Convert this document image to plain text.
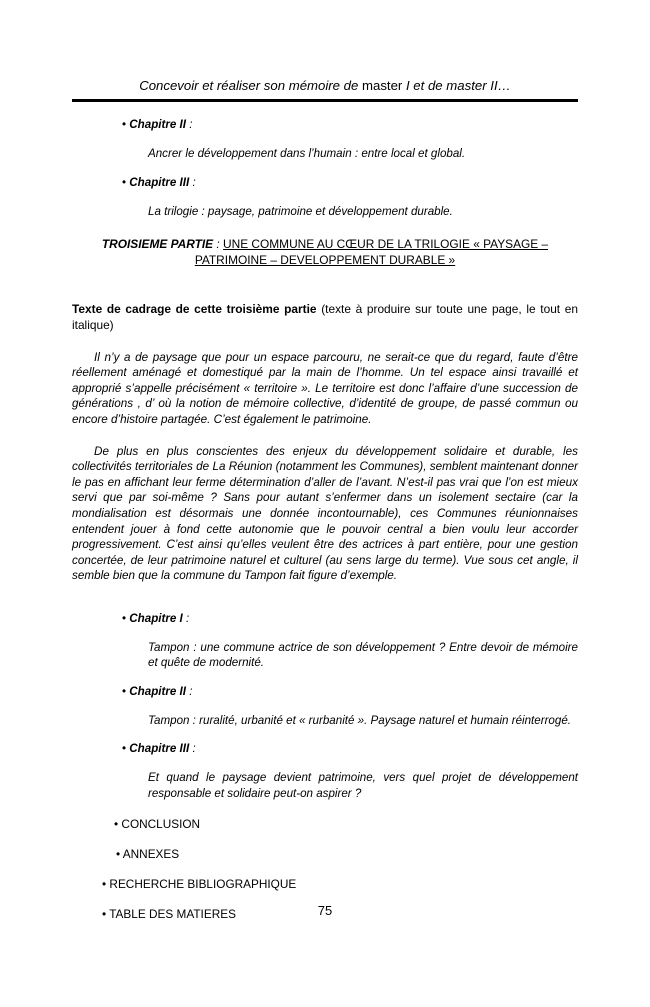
Concevoir et réaliser son mémoire de master I et de master II…

• Chapitre II :

Ancrer le développement dans l’humain : entre local et global.

• Chapitre III :

La trilogie : paysage, patrimoine et développement durable.

TROISIEME PARTIE : UNE COMMUNE AU CŒUR DE LA TRILOGIE « PAYSAGE –
PATRIMOINE – DEVELOPPEMENT DURABLE »

Texte de cadrage de cette troisième partie (texte à produire sur toute une page, le tout en italique)

Il n’y a de paysage que pour un espace parcouru, ne serait-ce que du regard, faute d’être réellement aménagé et domestiqué par la main de l’homme. Un tel espace ainsi travaillé et approprié s’appelle précisément « territoire ». Le territoire est donc l’affaire d’une succession de générations , d’ où la notion de mémoire collective, d’identité de groupe, de passé commun ou encore d’histoire partagée. C’est également le patrimoine.

De plus en plus conscientes des enjeux du développement solidaire et durable, les collectivités territoriales de La Réunion (notamment les Communes), semblent maintenant donner le pas en affichant leur ferme détermination d’aller de l’avant. N’est-il pas vrai que l’on est mieux servi que par soi-même ? Sans pour autant s’enfermer dans un isolement sectaire (car la mondialisation est désormais une donnée incontournable), ces Communes réunionnaises entendent jouer à fond cette autonomie que le pouvoir central a bien voulu leur accorder progressivement. C’est ainsi qu’elles veulent être des actrices à part entière, pour une gestion concertée, de leur patrimoine naturel et culturel (au sens large du terme). Vue sous cet angle, il semble bien que la commune du Tampon fait figure d’exemple.

• Chapitre I :

Tampon : une commune actrice de son développement ? Entre devoir de mémoire et quête de modernité.

• Chapitre II :

Tampon : ruralité, urbanité et « rurbanité ». Paysage naturel et humain réinterrogé.

• Chapitre III :

Et quand le paysage devient patrimoine, vers quel projet de développement responsable et solidaire peut-on aspirer ?

• CONCLUSION

• ANNEXES

• RECHERCHE BIBLIOGRAPHIQUE

• TABLE DES MATIERES	75
